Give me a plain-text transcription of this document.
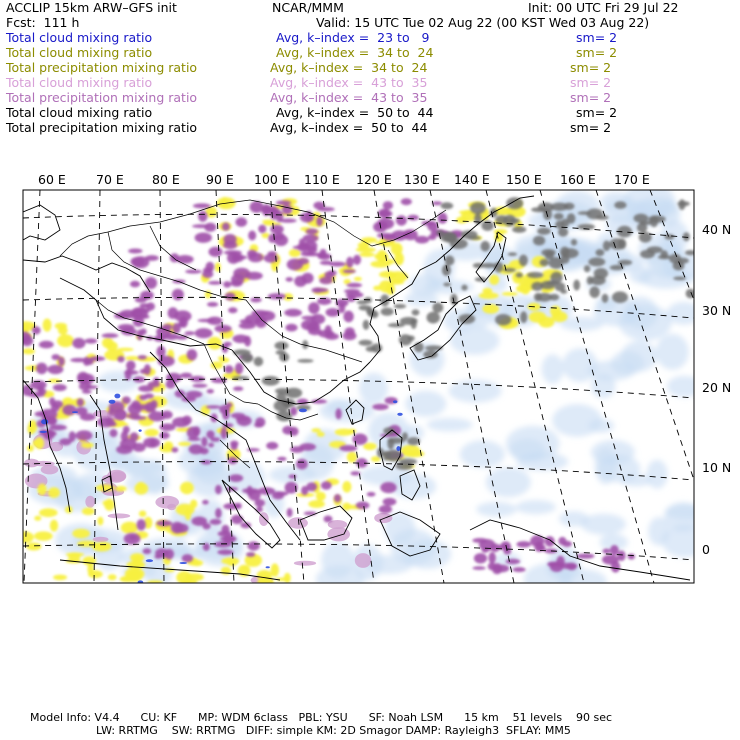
ACCLIP 15km ARW–GFS init	NCAR/MMM	Init: 00 UTC Fri 29 Jul 22
Fcst:  111 h	Valid: 15 UTC Tue 02 Aug 22 (00 KST Wed 03 Aug 22)
Total cloud mixing ratio	Avg, k–index =  23 to   9	sm= 2
Total cloud mixing ratio	Avg, k–index =  34 to  24	sm= 2
Total precipitation mixing ratio	Avg, k–index =  34 to  24	sm= 2
Total cloud mixing ratio	Avg, k–index =  43 to  35	sm= 2
Total precipitation mixing ratio	Avg, k–index =  43 to  35	sm= 2
Total cloud mixing ratio	Avg, k–index =  50 to  44	sm= 2
Total precipitation mixing ratio	Avg, k–index =  50 to  44	sm= 2
60 E 70 E 80 E 90 E 100 E 110 E 120 E 130 E 140 E 150 E 160 E 170 E
40 N
30 N
20 N
10 N
0
Model Info: V4.4      CU: KF      MP: WDM 6class   PBL: YSU      SF: Noah LSM      15 km    51 levels    90 sec
LW: RRTMG    SW: RRTMG   DIFF: simple KM: 2D Smagor DAMP: Rayleigh3  SFLAY: MM5
